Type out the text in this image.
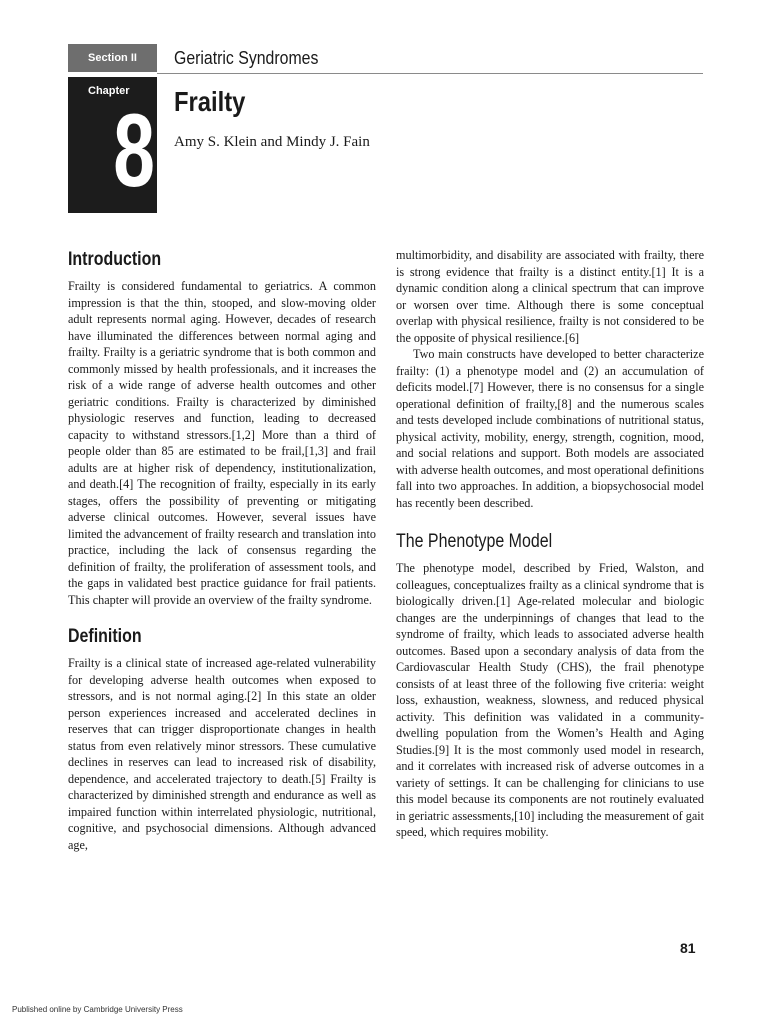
Section II	Geriatric Syndromes
Chapter
8 Frailty
Amy S. Klein and Mindy J. Fain
Introduction

Frailty is considered fundamental to geriatrics. A common impression is that the thin, stooped, and slow-moving older adult represents normal aging. However, decades of research have illuminated the differences between normal aging and frailty. Frailty is a geriatric syndrome that is both common and commonly missed by health professionals, and it increases the risk of a wide range of adverse health outcomes and other geriatric conditions. Frailty is characterized by diminished physiologic reserves and function, leading to decreased capacity to withstand stressors.[1,2] More than a third of people older than 85 are estimated to be frail,[1,3] and frail adults are at higher risk of dependency, institutionalization, and death.[4] The recognition of frailty, especially in its early stages, offers the possibility of preventing or mitigating adverse clinical outcomes. However, several issues have limited the advancement of frailty research and translation into practice, including the lack of consensus regarding the definition of frailty, the proliferation of assessment tools, and the gaps in validated best practice guidance for frail patients. This chapter will provide an overview of the frailty syndrome.

Definition

Frailty is a clinical state of increased age-related vulnerability for developing adverse health outcomes when exposed to stressors, and is not normal aging.[2] In this state an older person experiences increased and accelerated declines in reserves that can trigger disproportionate changes in health status from even relatively minor stressors. These cumulative declines in reserves can lead to increased risk of disability, dependence, and accelerated trajectory to death.[5] Frailty is characterized by diminished strength and endurance as well as impaired function within interrelated physiologic, nutritional, cognitive, and psychosocial dimensions. Although advanced age,

multimorbidity, and disability are associated with frailty, there is strong evidence that frailty is a distinct entity.[1] It is a dynamic condition along a clinical spectrum that can improve or worsen over time. Although there is some conceptual overlap with physical resilience, frailty is not considered to be the opposite of physical resilience.[6]

Two main constructs have developed to better characterize frailty: (1) a phenotype model and (2) an accumulation of deficits model.[7] However, there is no consensus for a single operational definition of frailty,[8] and the numerous scales and tests developed include combinations of nutritional status, physical activity, mobility, energy, strength, cognition, mood, and social relations and support. Both models are associated with adverse health outcomes, and most operational definitions fall into two approaches. In addition, a biopsychosocial model has recently been described.

The Phenotype Model

The phenotype model, described by Fried, Walston, and colleagues, conceptualizes frailty as a clinical syndrome that is biologically driven.[1] Age-related molecular and biologic changes are the underpinnings of changes that lead to the syndrome of frailty, which leads to associated adverse health outcomes. Based upon a secondary analysis of data from the Cardiovascular Health Study (CHS), the frail phenotype consists of at least three of the following five criteria: weight loss, exhaustion, weakness, slowness, and reduced physical activity. This definition was validated in a community-dwelling population from the Women’s Health and Aging Studies.[9] It is the most commonly used model in research, and it correlates with increased risk of adverse outcomes in a variety of settings. It can be challenging for clinicians to use this model because its components are not routinely evaluated in geriatric assessments,[10] including the measurement of gait speed, which requires mobility.

81
Published online by Cambridge University Press
